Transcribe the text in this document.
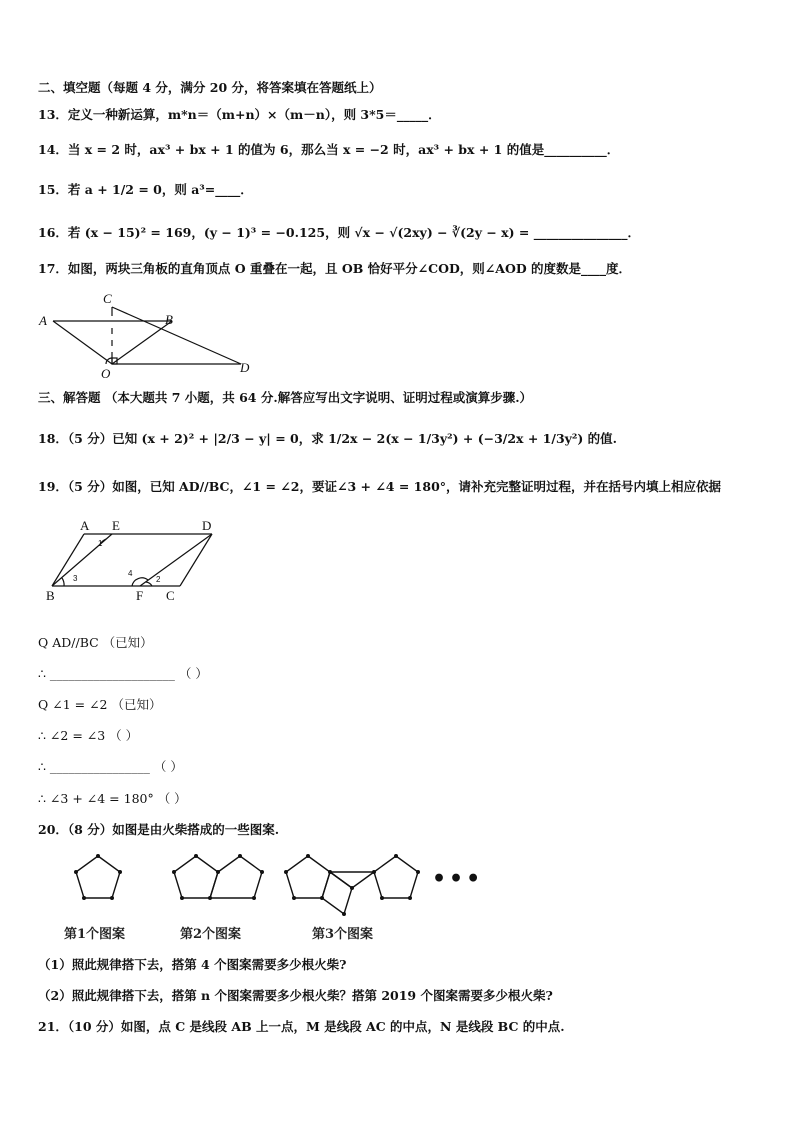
二、填空题（每题 4 分，满分 20 分，将答案填在答题纸上）
13．定义一种新运算，m*n＝（m+n）×（m－n），则 3*5＝_____．
14．当 x = 2 时，ax³ + bx + 1 的值为 6，那么当 x = −2 时，ax³ + bx + 1 的值是__________．
15．若 a + 1/2 = 0，则 a³=____．
16．若 (x − 15)² = 169，(y − 1)³ = −0.125，则 √x − √(2xy) − ∛(2y − x) = _______________．
17．如图，两块三角板的直角顶点 O 重叠在一起，且 OB 恰好平分∠COD，则∠AOD 的度数是____度．
A
C
B
D
O
三、解答题 （本大题共 7 小题，共 64 分.解答应写出文字说明、证明过程或演算步骤.）
18．（5 分）已知 (x + 2)² + |2/3 − y| = 0，求 1/2x − 2(x − 1/3y²) + (−3/2x + 1/3y²) 的值.
19．（5 分）如图，已知 AD//BC，∠1 = ∠2，要证∠3 + ∠4 = 180°，请补充完整证明过程，并在括号内填上相应依据
A E	D
B	F C
1
2
3
4
Q AD//BC （已知）
∴ ____________________ （ ）
Q ∠1 = ∠2 （已知）
∴ ∠2 = ∠3 （ ）
∴ ________________ （ ）
∴ ∠3 + ∠4 = 180° （ ）
20．（8 分）如图是由火柴搭成的一些图案.
第1个图案	第2个图案	第3个图案
•••
（1）照此规律搭下去，搭第 4 个图案需要多少根火柴?
（2）照此规律搭下去，搭第 n 个图案需要多少根火柴？搭第 2019 个图案需要多少根火柴?
21．（10 分）如图，点 C 是线段 AB 上一点，M 是线段 AC 的中点，N 是线段 BC 的中点.
